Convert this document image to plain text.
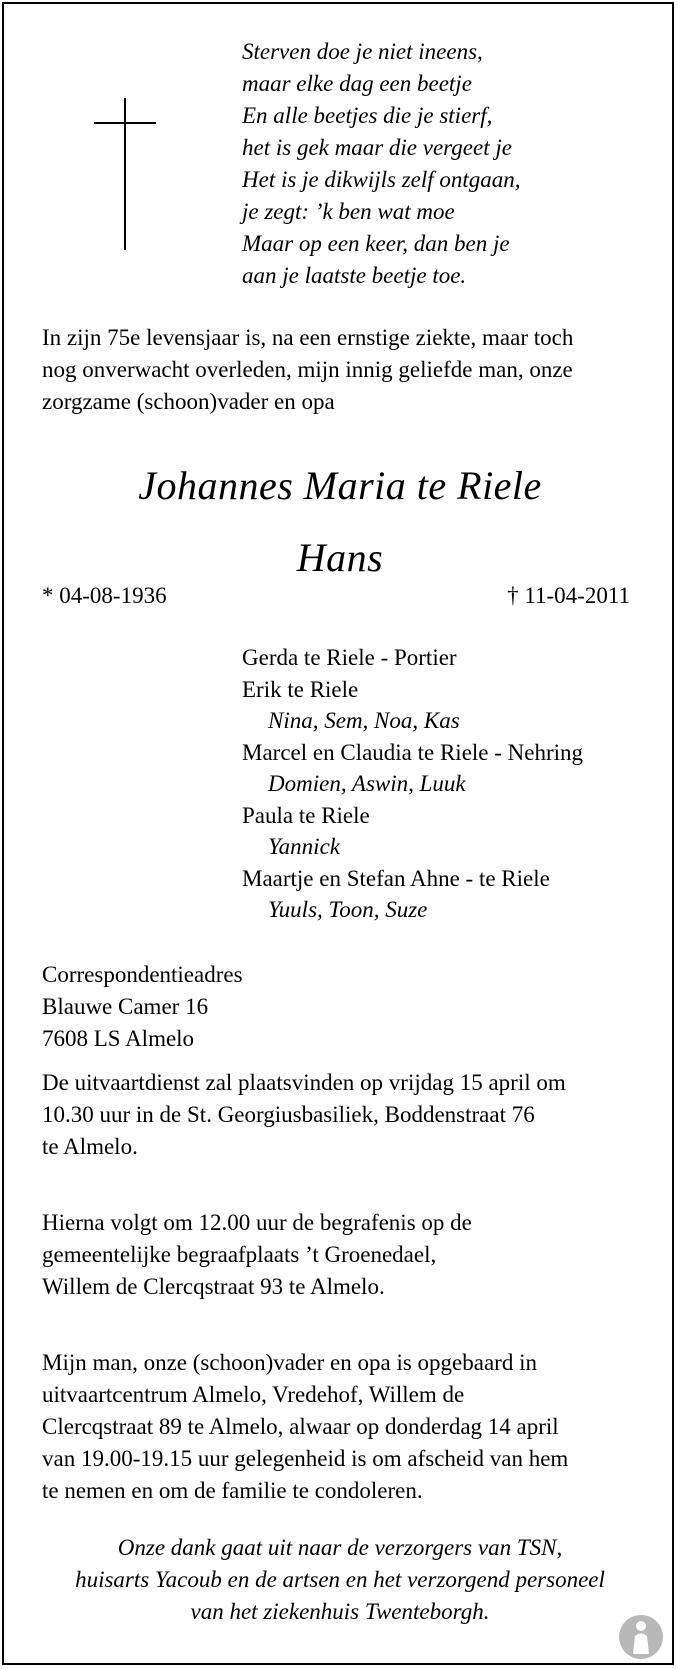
Sterven doe je niet ineens,
maar elke dag een beetje
En alle beetjes die je stierf,
het is gek maar die vergeet je
Het is je dikwijls zelf ontgaan,
je zegt: ’k ben wat moe
Maar op een keer, dan ben je
aan je laatste beetje toe.
In zijn 75e levensjaar is, na een ernstige ziekte, maar toch
nog onverwacht overleden, mijn innig geliefde man, onze
zorgzame (schoon)vader en opa
Johannes Maria te Riele
Hans
* 04-08-1936	† 11-04-2011
Gerda te Riele - Portier
Erik te Riele
Nina, Sem, Noa, Kas
Marcel en Claudia te Riele - Nehring
Domien, Aswin, Luuk
Paula te Riele
Yannick
Maartje en Stefan Ahne - te Riele
Yuuls, Toon, Suze
Correspondentieadres
Blauwe Camer 16
7608 LS Almelo
De uitvaartdienst zal plaatsvinden op vrijdag 15 april om
10.30 uur in de St. Georgiusbasiliek, Boddenstraat 76
te Almelo.
Hierna volgt om 12.00 uur de begrafenis op de
gemeentelijke begraafplaats ’t Groenedael,
Willem de Clercqstraat 93 te Almelo.
Mijn man, onze (schoon)vader en opa is opgebaard in
uitvaartcentrum Almelo, Vredehof, Willem de
Clercqstraat 89 te Almelo, alwaar op donderdag 14 april
van 19.00-19.15 uur gelegenheid is om afscheid van hem
te nemen en om de familie te condoleren.
Onze dank gaat uit naar de verzorgers van TSN,
huisarts Yacoub en de artsen en het verzorgend personeel
van het ziekenhuis Twenteborgh.
